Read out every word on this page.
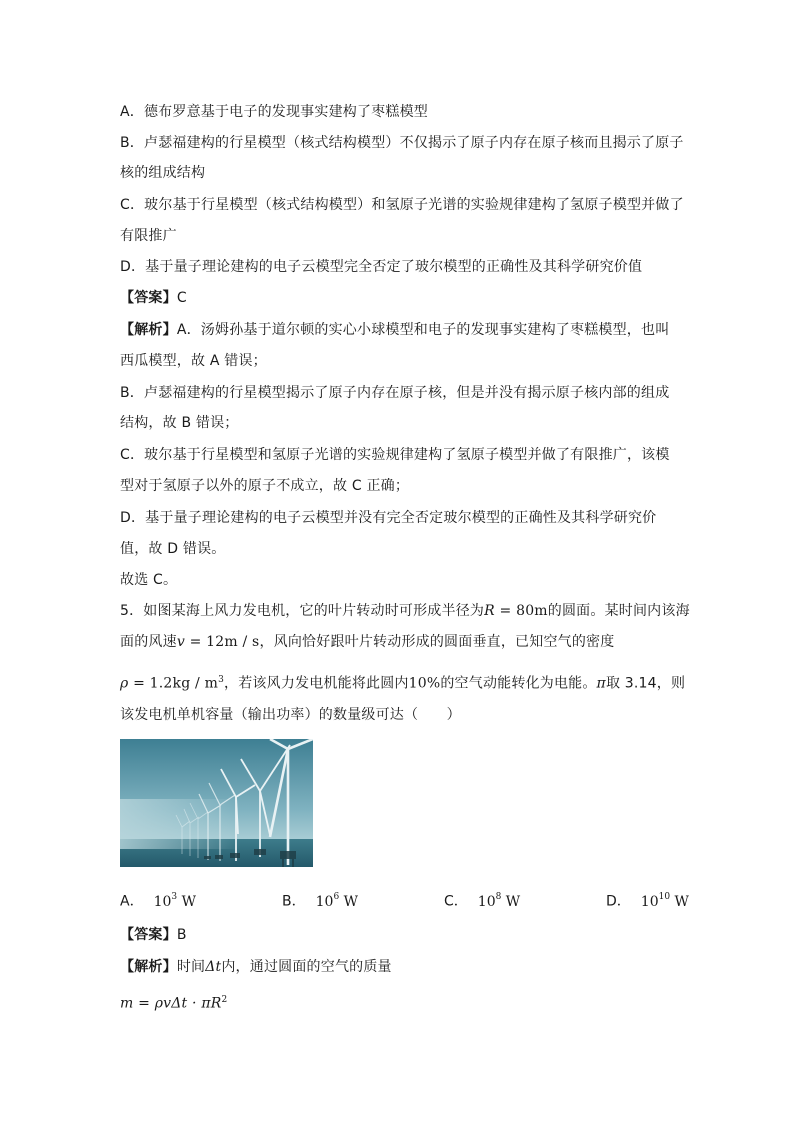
A．德布罗意基于电子的发现事实建构了枣糕模型
B．卢瑟福建构的行星模型（核式结构模型）不仅揭示了原子内存在原子核而且揭示了原子
核的组成结构
C．玻尔基于行星模型（核式结构模型）和氢原子光谱的实验规律建构了氢原子模型并做了
有限推广
D．基于量子理论建构的电子云模型完全否定了玻尔模型的正确性及其科学研究价值
【答案】C
【解析】A．汤姆孙基于道尔顿的实心小球模型和电子的发现事实建构了枣糕模型，也叫
西瓜模型，故 A 错误；
B．卢瑟福建构的行星模型揭示了原子内存在原子核，但是并没有揭示原子核内部的组成
结构，故 B 错误；
C．玻尔基于行星模型和氢原子光谱的实验规律建构了氢原子模型并做了有限推广，该模
型对于氢原子以外的原子不成立，故 C 正确；
D．基于量子理论建构的电子云模型并没有完全否定玻尔模型的正确性及其科学研究价
值，故 D 错误。
故选 C。
5．如图某海上风力发电机，它的叶片转动时可形成半径为R = 80m的圆面。某时间内该海
面的风速v = 12m / s，风向恰好跟叶片转动形成的圆面垂直，已知空气的密度
$\rho = 1.2kg / m^3$，若该风力发电机能将此圆内10%的空气动能转化为电能。π取 3.14，则
该发电机单机容量（输出功率）的数量级可达（　　）
A． $10^3$ W	B． $10^6$ W	C． $10^8$ W	D． $10^{10}$ W
【答案】B
【解析】时间Δt内，通过圆面的空气的质量
$m = \rho v\Delta t \cdot \pi R^2$
